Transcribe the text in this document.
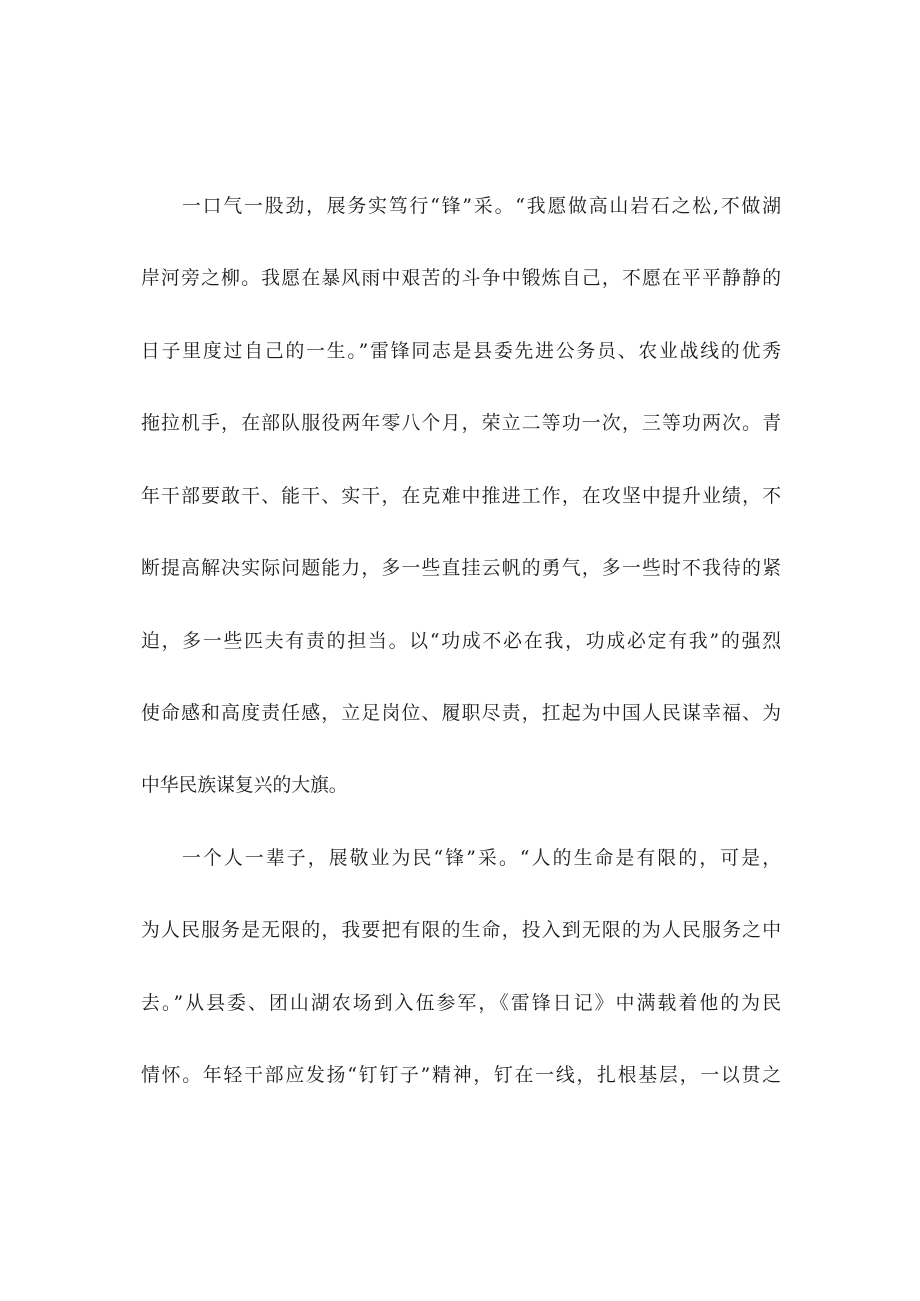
一口气一股劲，展务实笃行“锋”采。“我愿做高山岩石之松,不做湖
岸河旁之柳。我愿在暴风雨中艰苦的斗争中锻炼自己，不愿在平平静静的
日子里度过自己的一生。”雷锋同志是县委先进公务员、农业战线的优秀
拖拉机手，在部队服役两年零八个月，荣立二等功一次，三等功两次。青
年干部要敢干、能干、实干，在克难中推进工作，在攻坚中提升业绩，不
断提高解决实际问题能力，多一些直挂云帆的勇气，多一些时不我待的紧
迫，多一些匹夫有责的担当。以“功成不必在我，功成必定有我”的强烈
使命感和高度责任感，立足岗位、履职尽责，扛起为中国人民谋幸福、为
中华民族谋复兴的大旗。
一个人一辈子，展敬业为民“锋”采。“人的生命是有限的，可是，
为人民服务是无限的，我要把有限的生命，投入到无限的为人民服务之中
去。”从县委、团山湖农场到入伍参军，《雷锋日记》中满载着他的为民
情怀。年轻干部应发扬“钉钉子”精神，钉在一线，扎根基层，一以贯之
